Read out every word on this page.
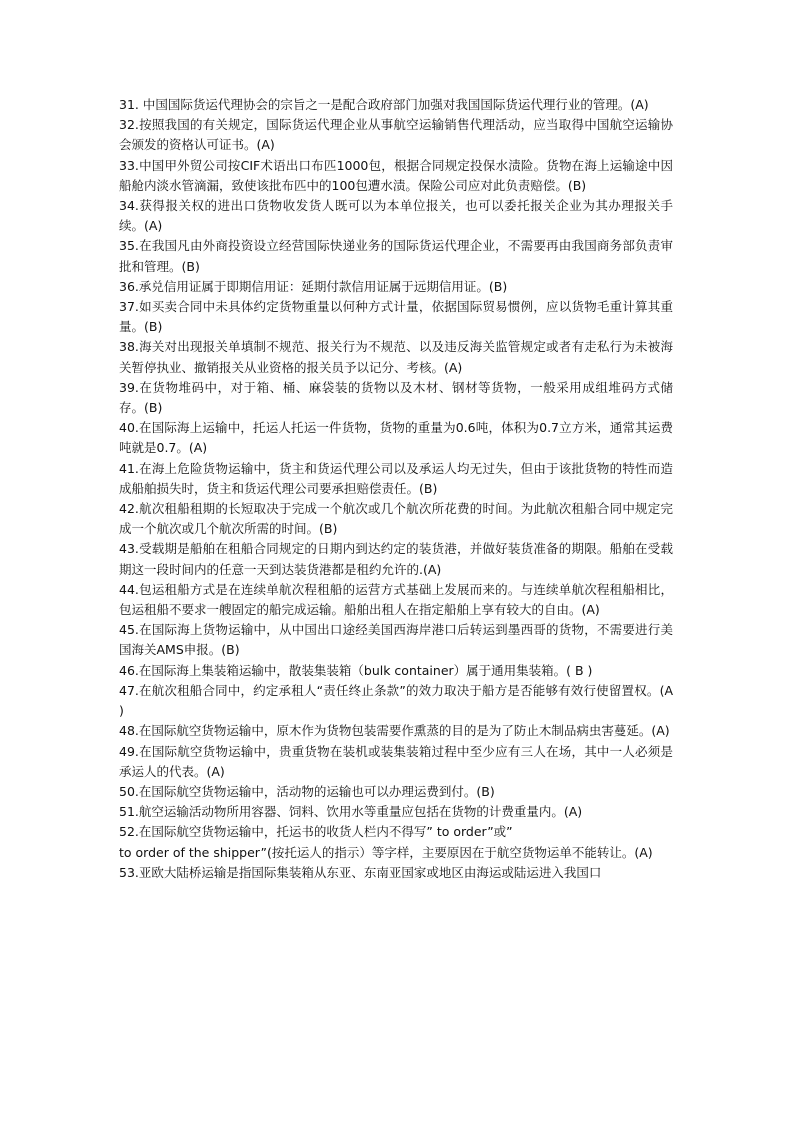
31. 中国国际货运代理协会的宗旨之一是配合政府部门加强对我国国际货运代理行业的管理。(A)

32.按照我国的有关规定，国际货运代理企业从事航空运输销售代理活动，应当取得中国航空运输协会颁发的资格认可证书。(A)

33.中国甲外贸公司按CIF术语出口布匹1000包，根据合同规定投保水渍险。货物在海上运输途中因船舱内淡水管滴漏，致使该批布匹中的100包遭水渍。保险公司应对此负责赔偿。(B)

34.获得报关权的进出口货物收发货人既可以为本单位报关，也可以委托报关企业为其办理报关手续。(A)

35.在我国凡由外商投资设立经营国际快递业务的国际货运代理企业，不需要再由我国商务部负责审批和管理。(B)

36.承兑信用证属于即期信用证：延期付款信用证属于远期信用证。(B)

37.如买卖合同中未具体约定货物重量以何种方式计量，依据国际贸易惯例，应以货物毛重计算其重量。(B)

38.海关对出现报关单填制不规范、报关行为不规范、以及违反海关监管规定或者有走私行为未被海关暂停执业、撤销报关从业资格的报关员予以记分、考核。(A)

39.在货物堆码中，对于箱、桶、麻袋装的货物以及木材、钢材等货物，一般采用成组堆码方式储存。(B)

40.在国际海上运输中，托运人托运一件货物，货物的重量为0.6吨，体积为0.7立方米，通常其运费吨就是0.7。(A)

41.在海上危险货物运输中，货主和货运代理公司以及承运人均无过失，但由于该批货物的特性而造成船舶损失时，货主和货运代理公司要承担赔偿责任。(B)

42.航次租船租期的长短取决于完成一个航次或几个航次所花费的时间。为此航次租船合同中规定完成一个航次或几个航次所需的时间。(B)

43.受载期是船舶在租船合同规定的日期内到达约定的装货港，并做好装货准备的期限。船舶在受载期这一段时间内的任意一天到达装货港都是租约允许的.(A)

44.包运租船方式是在连续单航次程租船的运营方式基础上发展而来的。与连续单航次程租船相比，包运租船不要求一艘固定的船完成运输。船舶出租人在指定船舶上享有较大的自由。(A)

45.在国际海上货物运输中，从中国出口途经美国西海岸港口后转运到墨西哥的货物，不需要进行美国海关AMS申报。(B)

46.在国际海上集装箱运输中，散装集装箱（bulk container）属于通用集装箱。( B )

47.在航次租船合同中，约定承租人“责任终止条款”的效力取决于船方是否能够有效行使留置权。(A )

48.在国际航空货物运输中，原木作为货物包装需要作熏蒸的目的是为了防止木制品病虫害蔓延。(A)

49.在国际航空货物运输中，贵重货物在装机或装集装箱过程中至少应有三人在场，其中一人必须是承运人的代表。(A)

50.在国际航空货物运输中，活动物的运输也可以办理运费到付。(B)

51.航空运输活动物所用容器、饲料、饮用水等重量应包括在货物的计费重量内。(A)

52.在国际航空货物运输中，托运书的收货人栏内不得写” to order”或”

to order of the shipper”(按托运人的指示）等字样，主要原因在于航空货物运单不能转让。(A)

53.亚欧大陆桥运输是指国际集装箱从东亚、东南亚国家或地区由海运或陆运进入我国口
